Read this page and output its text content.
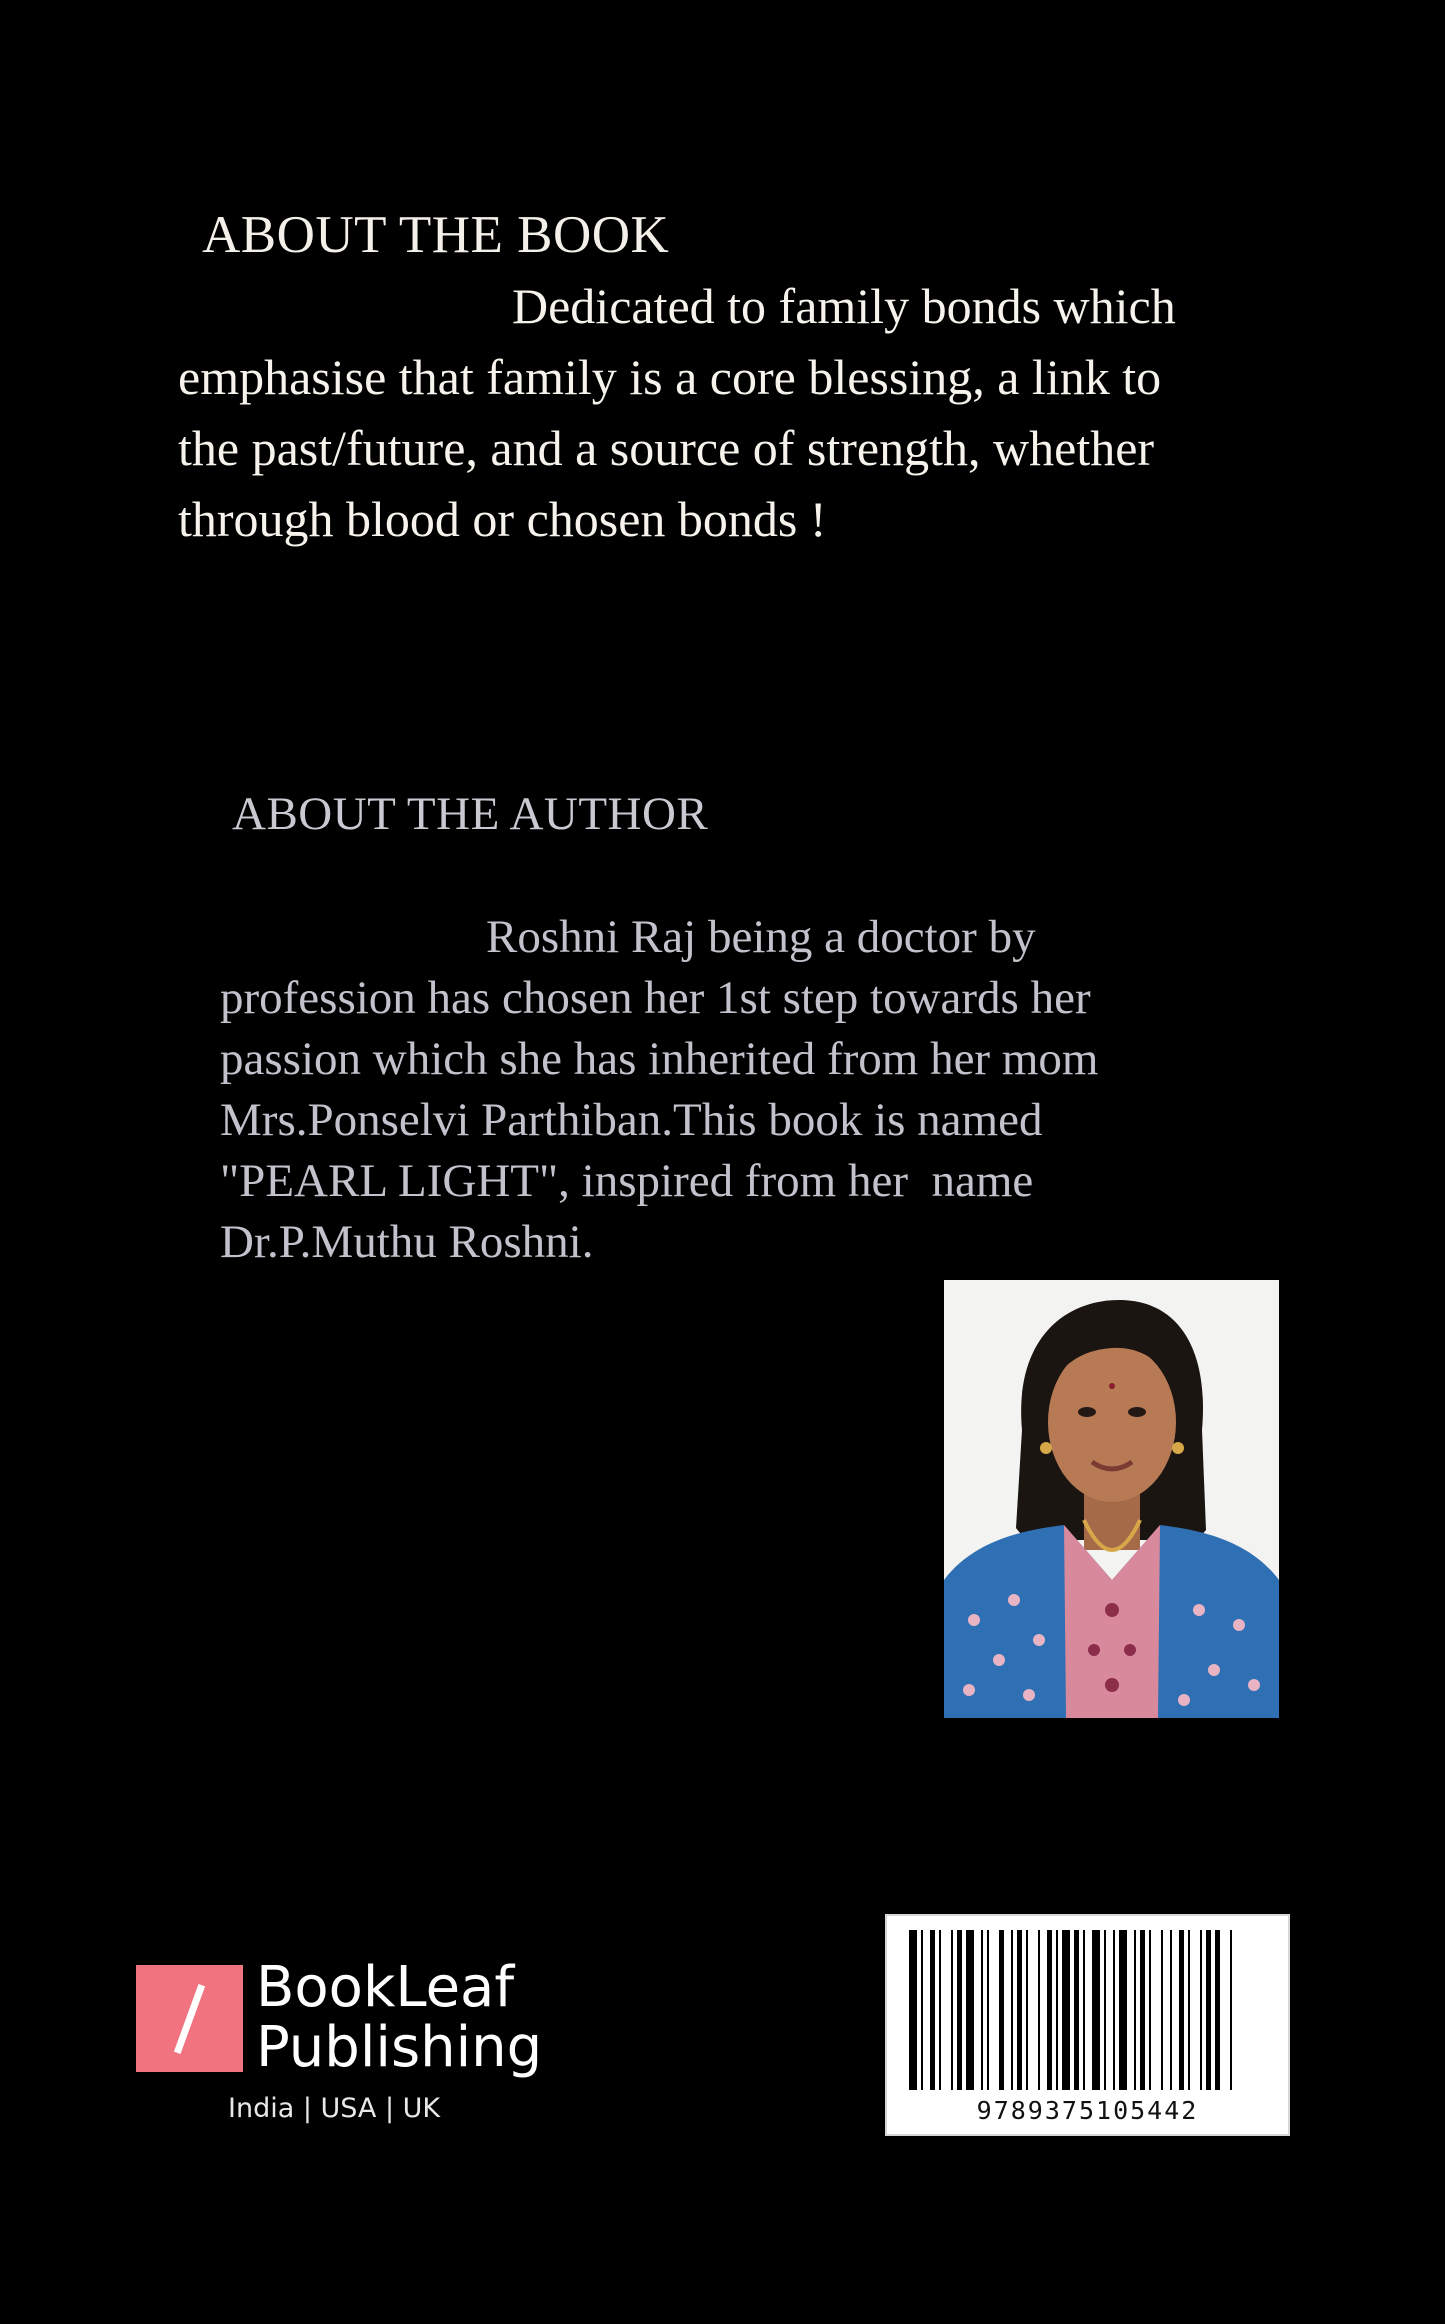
ABOUT THE BOOK

Dedicated to family bonds which
emphasise that family is a core blessing, a link to
the past/future, and a source of strength, whether
through blood or chosen bonds !

ABOUT THE AUTHOR

Roshni Raj being a doctor by
profession has chosen her 1st step towards her
passion which she has inherited from her mom
Mrs.Ponselvi Parthiban.This book is named
"PEARL LIGHT", inspired from her  name
Dr.P.Muthu Roshni.

BookLeaf
Publishing
India | USA | UK	9789375105442
